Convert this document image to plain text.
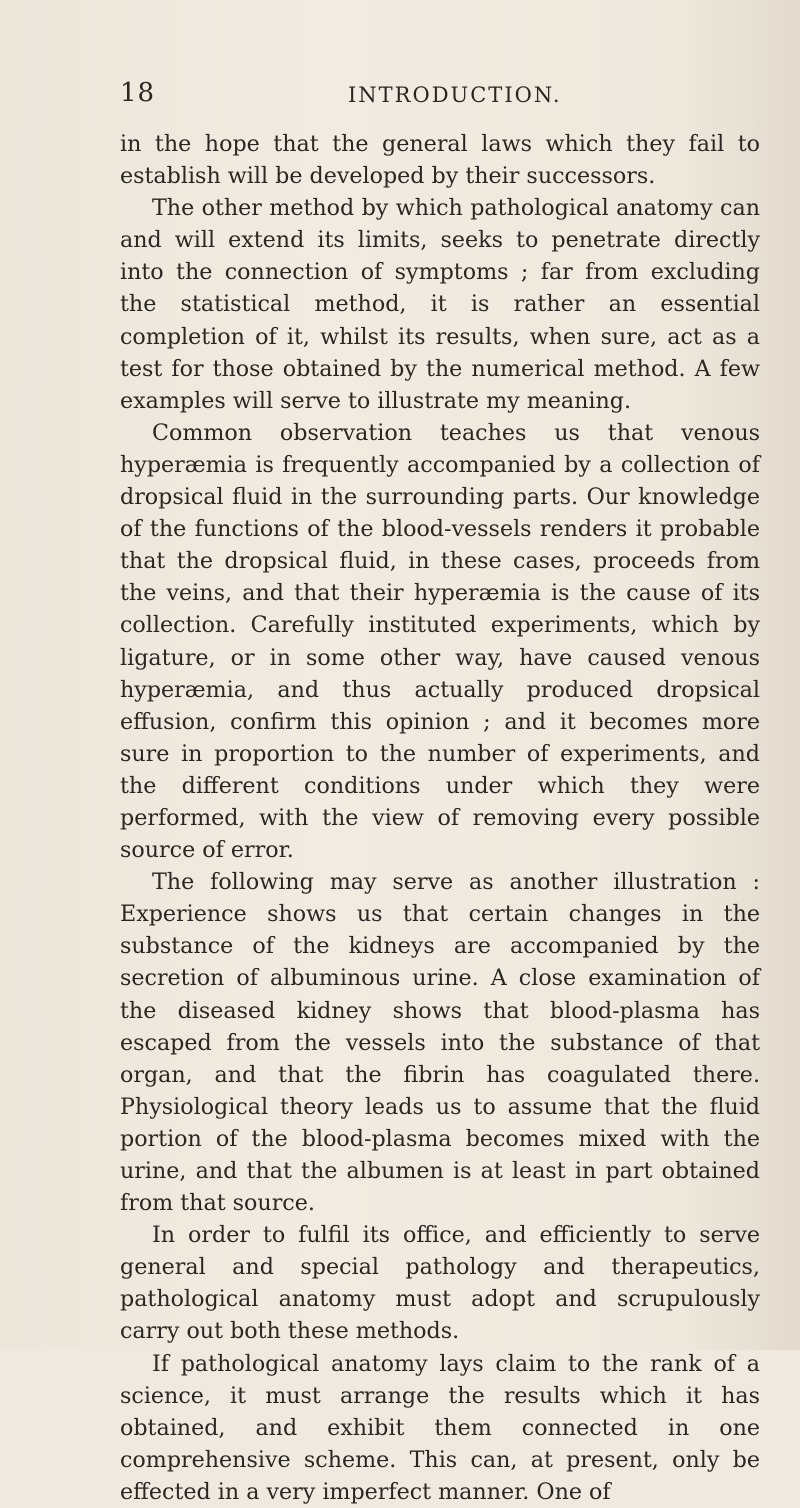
18	INTRODUCTION.

in the hope that the general laws which they fail to establish will be developed by their successors.

The other method by which pathological anatomy can and will extend its limits, seeks to penetrate directly into the connection of symptoms ; far from excluding the statistical method, it is rather an essential completion of it, whilst its results, when sure, act as a test for those obtained by the numerical method. A few examples will serve to illustrate my meaning.

Common observation teaches us that venous hyperæmia is frequently accompanied by a collection of dropsical fluid in the surrounding parts. Our knowledge of the functions of the blood-vessels renders it probable that the dropsical fluid, in these cases, proceeds from the veins, and that their hyperæmia is the cause of its collection. Carefully instituted experiments, which by ligature, or in some other way, have caused venous hyperæmia, and thus actually produced dropsical effusion, confirm this opinion ; and it becomes more sure in proportion to the number of experiments, and the different conditions under which they were performed, with the view of removing every possible source of error.

The following may serve as another illustration : Experience shows us that certain changes in the substance of the kidneys are accompanied by the secretion of albuminous urine. A close examination of the diseased kidney shows that blood-plasma has escaped from the vessels into the substance of that organ, and that the fibrin has coagulated there. Physiological theory leads us to assume that the fluid portion of the blood-plasma becomes mixed with the urine, and that the albumen is at least in part obtained from that source.

In order to fulfil its office, and efficiently to serve general and special pathology and therapeutics, pathological anatomy must adopt and scrupulously carry out both these methods.

If pathological anatomy lays claim to the rank of a science, it must arrange the results which it has obtained, and exhibit them connected in one comprehensive scheme. This can, at present, only be effected in a very imperfect manner. One of
